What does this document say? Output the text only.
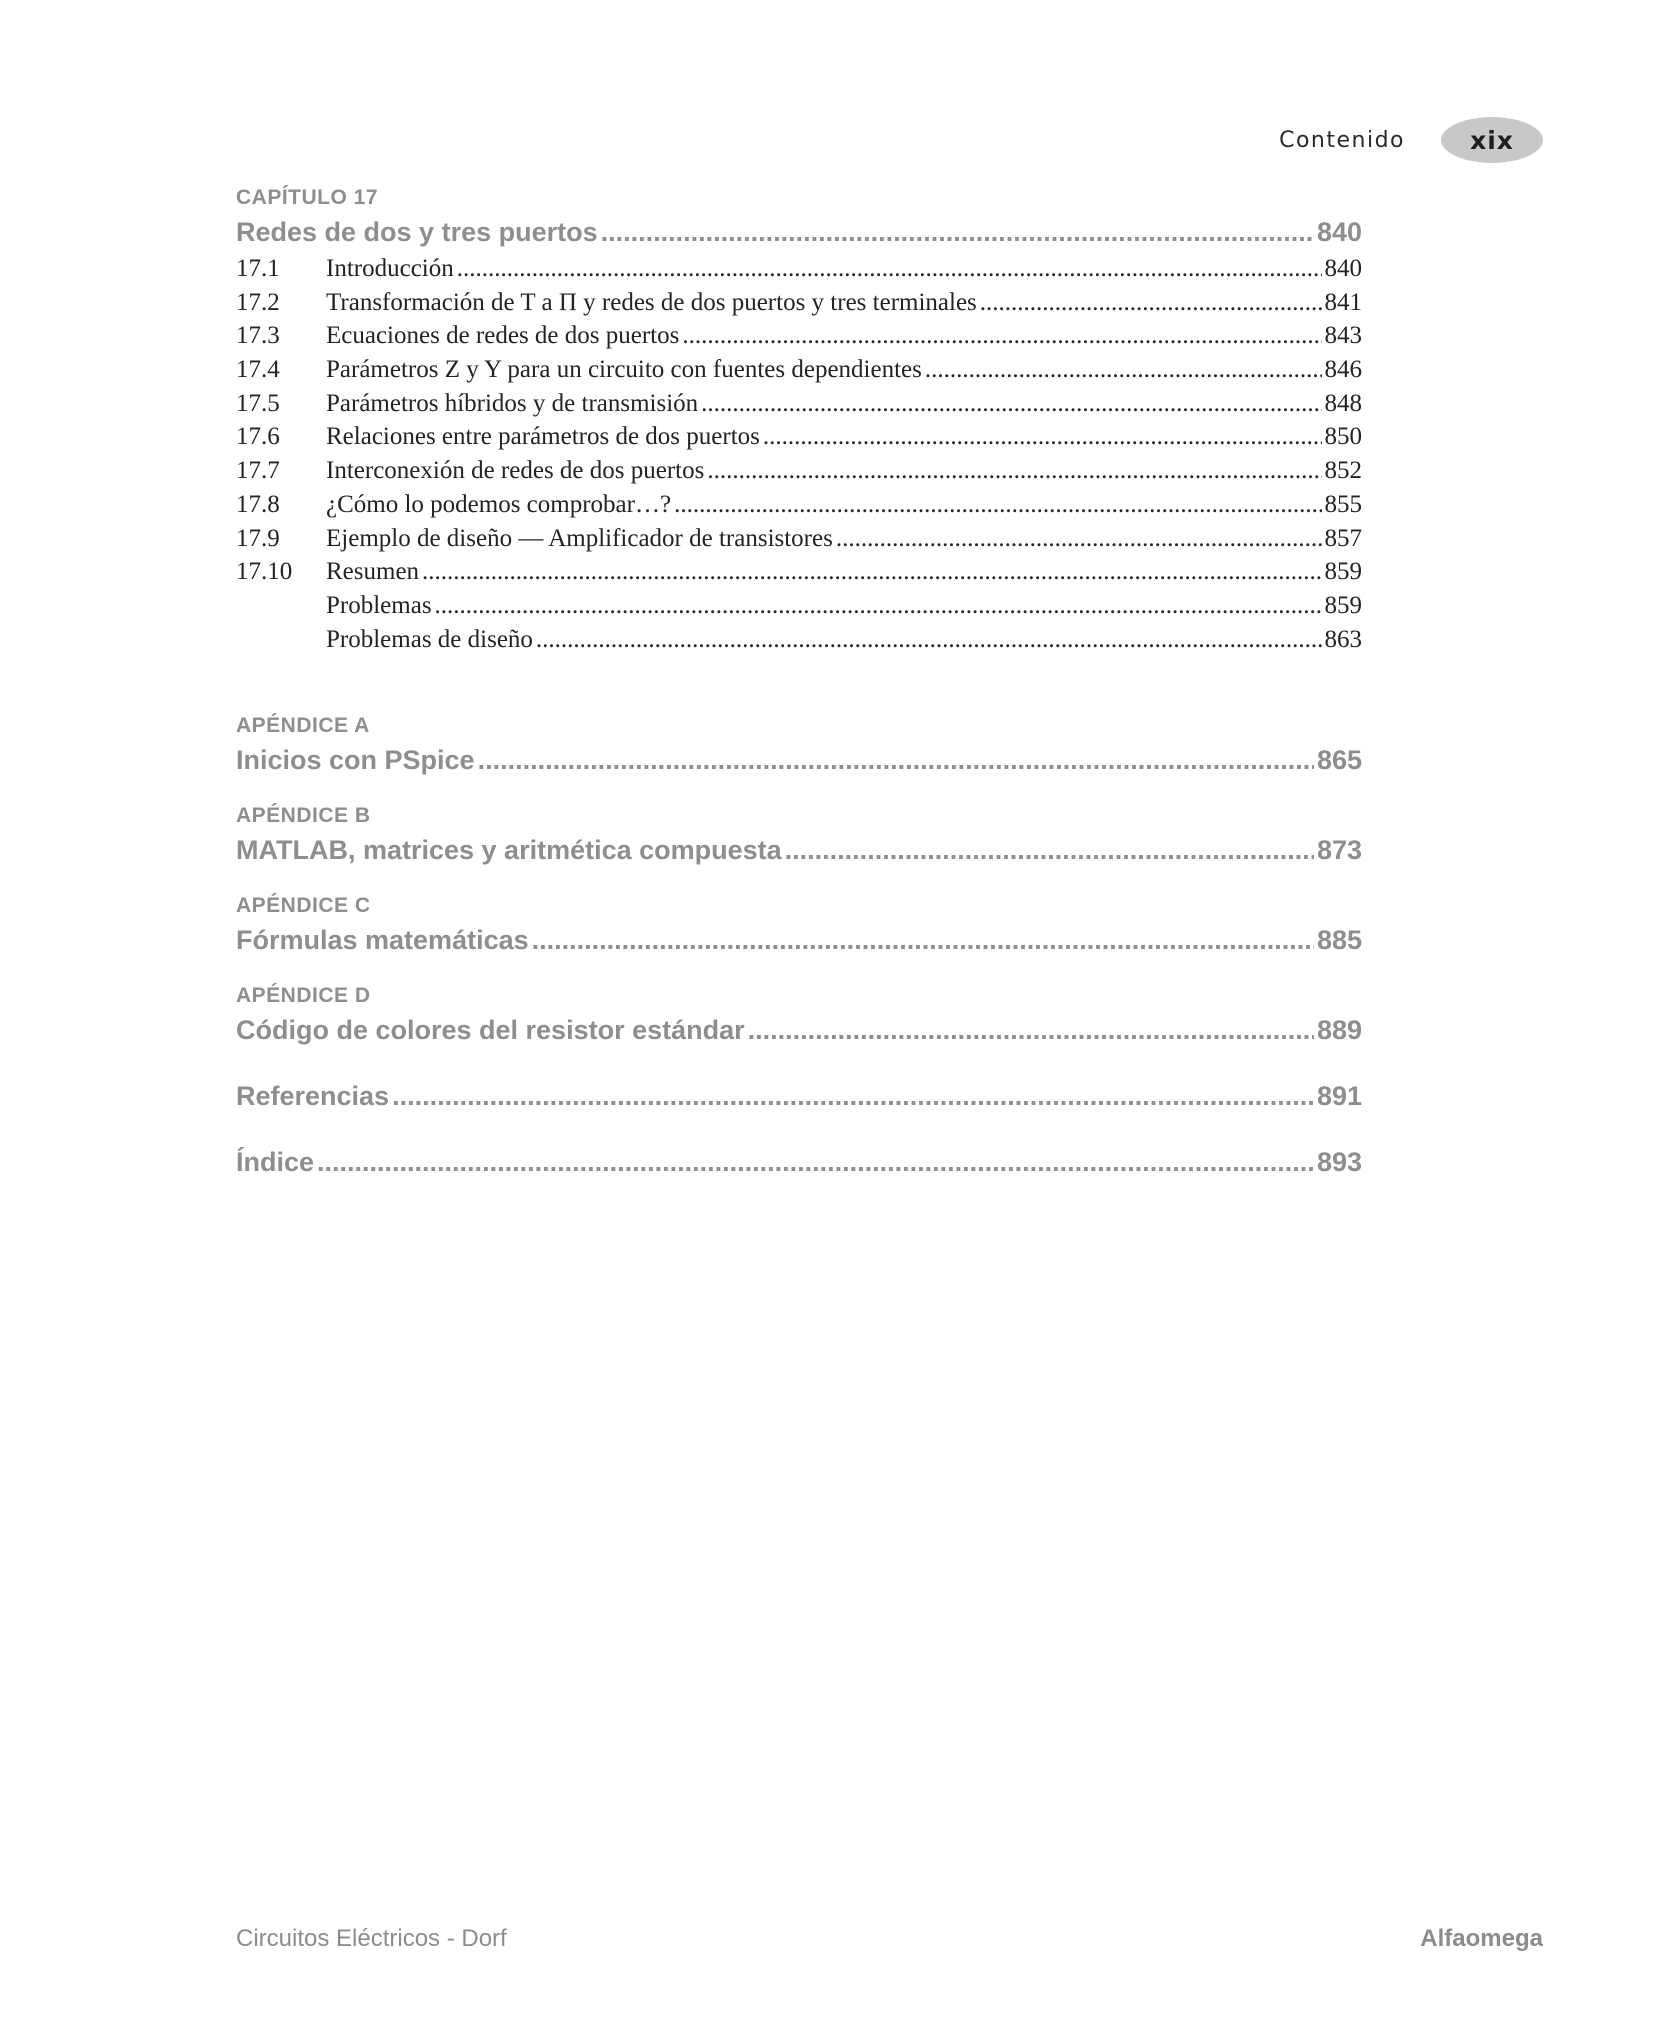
Contenido	xix
CAPÍTULO 17
Redes de dos y tres puertos .....	840
17.1	Introducción .....	840
17.2	Transformación de T a Π y redes de dos puertos y tres terminales .....	841
17.3	Ecuaciones de redes de dos puertos .....	843
17.4	Parámetros Z y Y para un circuito con fuentes dependientes .....	846
17.5	Parámetros híbridos y de transmisión .....	848
17.6	Relaciones entre parámetros de dos puertos .....	850
17.7	Interconexión de redes de dos puertos .....	852
17.8	¿Cómo lo podemos comprobar…? .....	855
17.9	Ejemplo de diseño — Amplificador de transistores .....	857
17.10	Resumen .....	859
Problemas .....	859
Problemas de diseño .....	863
APÉNDICE A
Inicios con PSpice .....	865
APÉNDICE B
MATLAB, matrices y aritmética compuesta .....	873
APÉNDICE C
Fórmulas matemáticas .....	885
APÉNDICE D
Código de colores del resistor estándar .....	889
Referencias .....	891
Índice .....	893
Circuitos Eléctricos - Dorf	Alfaomega
